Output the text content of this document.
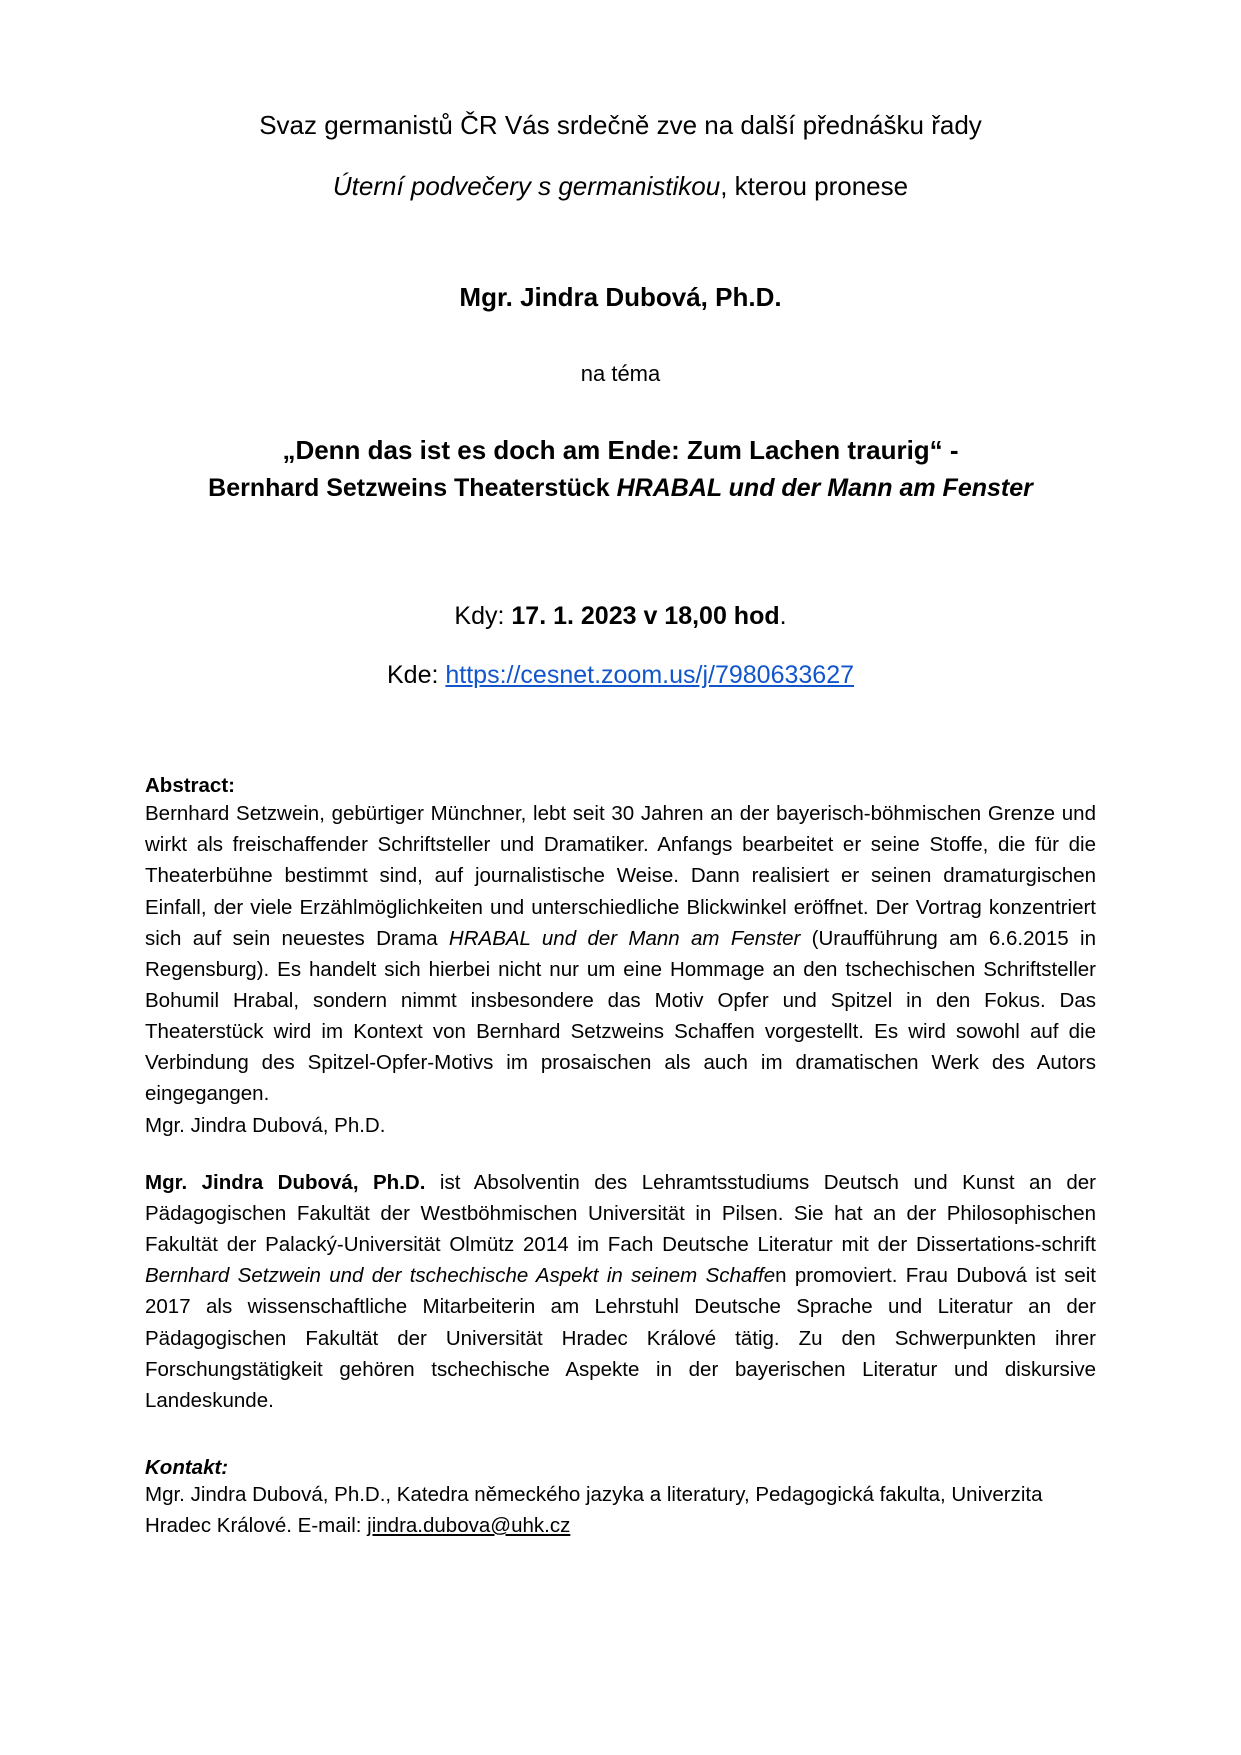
Svaz germanistů ČR Vás srdečně zve na další přednášku řady

Úterní podvečery s germanistikou, kterou pronese

Mgr. Jindra Dubová, Ph.D.

na téma

„Denn das ist es doch am Ende: Zum Lachen traurig“ -

Bernhard Setzweins Theaterstück HRABAL und der Mann am Fenster

Kdy: 17. 1. 2023 v 18,00 hod.

Kde: https://cesnet.zoom.us/j/7980633627

Abstract:

Bernhard Setzwein, gebürtiger Münchner, lebt seit 30 Jahren an der bayerisch-böhmischen Grenze und wirkt als freischaffender Schriftsteller und Dramatiker. Anfangs bearbeitet er seine Stoffe, die für die Theaterbühne bestimmt sind, auf journalistische Weise. Dann realisiert er seinen dramaturgischen Einfall, der viele Erzählmöglichkeiten und unterschiedliche Blickwinkel eröffnet. Der Vortrag konzentriert sich auf sein neuestes Drama HRABAL und der Mann am Fenster (Uraufführung am 6.6.2015 in Regensburg). Es handelt sich hierbei nicht nur um eine Hommage an den tschechischen Schriftsteller Bohumil Hrabal, sondern nimmt insbesondere das Motiv Opfer und Spitzel in den Fokus. Das Theaterstück wird im Kontext von Bernhard Setzweins Schaffen vorgestellt. Es wird sowohl auf die Verbindung des Spitzel-Opfer-Motivs im prosaischen als auch im dramatischen Werk des Autors eingegangen.

Mgr. Jindra Dubová, Ph.D.

Mgr. Jindra Dubová, Ph.D. ist Absolventin des Lehramtsstudiums Deutsch und Kunst an der Pädagogischen Fakultät der Westböhmischen Universität in Pilsen. Sie hat an der Philosophischen Fakultät der Palacký-Universität Olmütz 2014 im Fach Deutsche Literatur mit der Dissertations-schrift Bernhard Setzwein und der tschechische Aspekt in seinem Schaffen promoviert. Frau Dubová ist seit 2017 als wissenschaftliche Mitarbeiterin am Lehrstuhl Deutsche Sprache und Literatur an der Pädagogischen Fakultät der Universität Hradec Králové tätig. Zu den Schwerpunkten ihrer Forschungstätigkeit gehören tschechische Aspekte in der bayerischen Literatur und diskursive Landeskunde.

Kontakt:

Mgr. Jindra Dubová, Ph.D., Katedra německého jazyka a literatury, Pedagogická fakulta, Univerzita

Hradec Králové. E-mail: jindra.dubova@uhk.cz
